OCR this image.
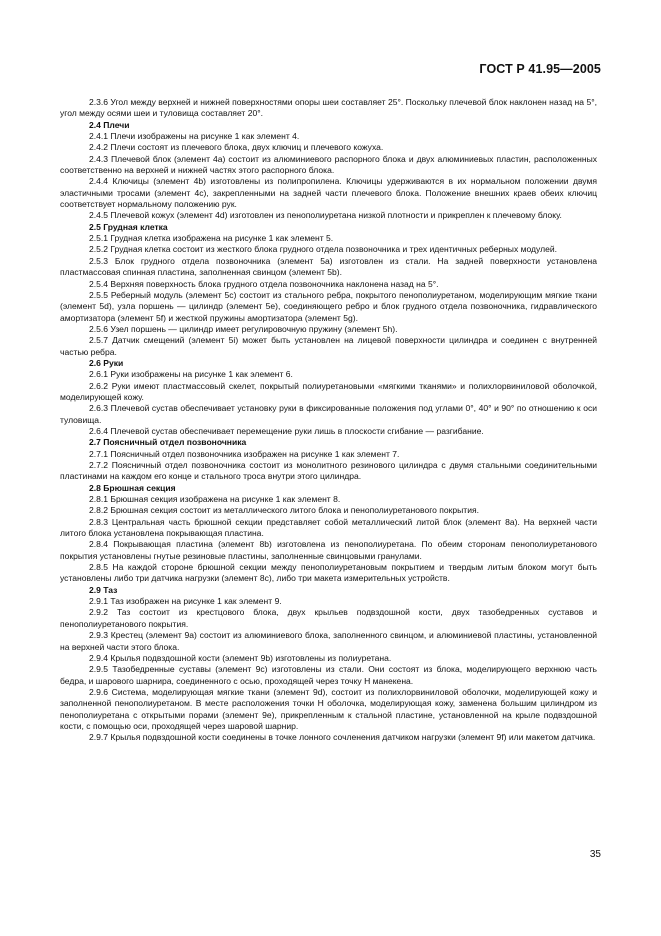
ГОСТ Р 41.95—2005

2.3.6 Угол между верхней и нижней поверхностями опоры шеи составляет 25°. Поскольку плечевой блок наклонен назад на 5°, угол между осями шеи и туловища составляет 20°.

2.4 Плечи

2.4.1 Плечи изображены на рисунке 1 как элемент 4.

2.4.2 Плечи состоят из плечевого блока, двух ключиц и плечевого кожуха.

2.4.3 Плечевой блок (элемент 4a) состоит из алюминиевого распорного блока и двух алюминиевых пластин, расположенных соответственно на верхней и нижней частях этого распорного блока.

2.4.4 Ключицы (элемент 4b) изготовлены из полипропилена. Ключицы удерживаются в их нормальном положении двумя эластичными тросами (элемент 4c), закрепленными на задней части плечевого блока. Положение внешних краев обеих ключиц соответствует нормальному положению рук.

2.4.5 Плечевой кожух (элемент 4d) изготовлен из пенополиуретана низкой плотности и прикреплен к плечевому блоку.

2.5 Грудная клетка

2.5.1 Грудная клетка изображена на рисунке 1 как элемент 5.

2.5.2 Грудная клетка состоит из жесткого блока грудного отдела позвоночника и трех идентичных реберных модулей.

2.5.3 Блок грудного отдела позвоночника (элемент 5a) изготовлен из стали. На задней поверхности установлена пластмассовая спинная пластина, заполненная свинцом (элемент 5b).

2.5.4 Верхняя поверхность блока грудного отдела позвоночника наклонена назад на 5°.

2.5.5 Реберный модуль (элемент 5c) состоит из стального ребра, покрытого пенополиуретаном, моделирующим мягкие ткани (элемент 5d), узла поршень — цилиндр (элемент 5e), соединяющего ребро и блок грудного отдела позвоночника, гидравлического амортизатора (элемент 5f) и жесткой пружины амортизатора (элемент 5g).

2.5.6 Узел поршень — цилиндр имеет регулировочную пружину (элемент 5h).

2.5.7 Датчик смещений (элемент 5i) может быть установлен на лицевой поверхности цилиндра и соединен с внутренней частью ребра.

2.6 Руки

2.6.1 Руки изображены на рисунке 1 как элемент 6.

2.6.2 Руки имеют пластмассовый скелет, покрытый полиуретановыми «мягкими тканями» и полихлорвиниловой оболочкой, моделирующей кожу.

2.6.3 Плечевой сустав обеспечивает установку руки в фиксированные положения под углами 0°, 40° и 90° по отношению к оси туловища.

2.6.4 Плечевой сустав обеспечивает перемещение руки лишь в плоскости сгибание — разгибание.

2.7 Поясничный отдел позвоночника

2.7.1 Поясничный отдел позвоночника изображен на рисунке 1 как элемент 7.

2.7.2 Поясничный отдел позвоночника состоит из монолитного резинового цилиндра с двумя стальными соединительными пластинами на каждом его конце и стального троса внутри этого цилиндра.

2.8 Брюшная секция

2.8.1 Брюшная секция изображена на рисунке 1 как элемент 8.

2.8.2 Брюшная секция состоит из металлического литого блока и пенополиуретанового покрытия.

2.8.3 Центральная часть брюшной секции представляет собой металлический литой блок (элемент 8a). На верхней части литого блока установлена покрывающая пластина.

2.8.4 Покрывающая пластина (элемент 8b) изготовлена из пенополиуретана. По обеим сторонам пенополиуретанового покрытия установлены гнутые резиновые пластины, заполненные свинцовыми гранулами.

2.8.5 На каждой стороне брюшной секции между пенополиуретановым покрытием и твердым литым блоком могут быть установлены либо три датчика нагрузки (элемент 8c), либо три макета измерительных устройств.

2.9 Таз

2.9.1 Таз изображен на рисунке 1 как элемент 9.

2.9.2 Таз состоит из крестцового блока, двух крыльев подвздошной кости, двух тазобедренных суставов и пенополиуретанового покрытия.

2.9.3 Крестец (элемент 9a) состоит из алюминиевого блока, заполненного свинцом, и алюминиевой пластины, установленной на верхней части этого блока.

2.9.4 Крылья подвздошной кости (элемент 9b) изготовлены из полиуретана.

2.9.5 Тазобедренные суставы (элемент 9c) изготовлены из стали. Они состоят из блока, моделирующего верхнюю часть бедра, и шарового шарнира, соединенного с осью, проходящей через точку H манекена.

2.9.6 Система, моделирующая мягкие ткани (элемент 9d), состоит из полихлорвиниловой оболочки, моделирующей кожу и заполненной пенополиуретаном. В месте расположения точки H оболочка, моделирующая кожу, заменена большим цилиндром из пенополиуретана с открытыми порами (элемент 9e), прикрепленным к стальной пластине, установленной на крыле подвздошной кости, с помощью оси, проходящей через шаровой шарнир.

2.9.7 Крылья подвздошной кости соединены в точке лонного сочленения датчиком нагрузки (элемент 9f) или макетом датчика.

35
